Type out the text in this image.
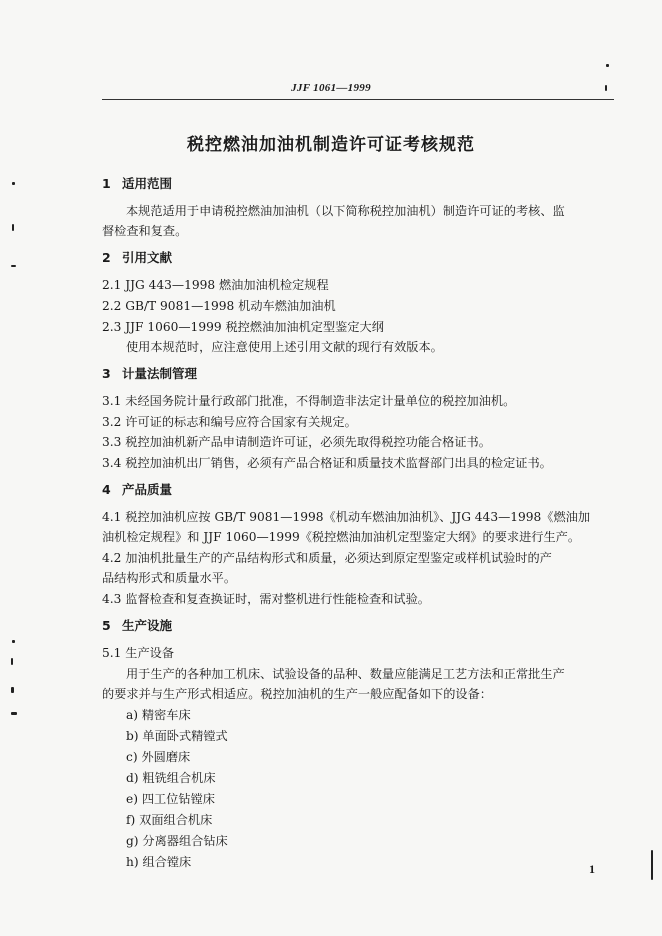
JJF 1061—1999
税控燃油加油机制造许可证考核规范
1 适用范围
本规范适用于申请税控燃油加油机（以下简称税控加油机）制造许可证的考核、监
督检查和复查。
2 引用文献
2.1 JJG 443—1998 燃油加油机检定规程
2.2 GB/T 9081—1998 机动车燃油加油机
2.3 JJF 1060—1999 税控燃油加油机定型鉴定大纲
使用本规范时，应注意使用上述引用文献的现行有效版本。
3 计量法制管理
3.1 未经国务院计量行政部门批准，不得制造非法定计量单位的税控加油机。
3.2 许可证的标志和编号应符合国家有关规定。
3.3 税控加油机新产品申请制造许可证，必须先取得税控功能合格证书。
3.4 税控加油机出厂销售，必须有产品合格证和质量技术监督部门出具的检定证书。
4 产品质量
4.1 税控加油机应按 GB/T 9081—1998《机动车燃油加油机》、JJG 443—1998《燃油加
油机检定规程》和 JJF 1060—1999《税控燃油加油机定型鉴定大纲》的要求进行生产。
4.2 加油机批量生产的产品结构形式和质量，必须达到原定型鉴定或样机试验时的产
品结构形式和质量水平。
4.3 监督检查和复查换证时，需对整机进行性能检查和试验。
5 生产设施
5.1 生产设备
用于生产的各种加工机床、试验设备的品种、数量应能满足工艺方法和正常批生产
的要求并与生产形式相适应。税控加油机的生产一般应配备如下的设备：
a) 精密车床
b) 单面卧式精镗式
c) 外圆磨床
d) 粗铣组合机床
e) 四工位钻镗床
f) 双面组合机床
g) 分离器组合钻床
h) 组合镗床	1
